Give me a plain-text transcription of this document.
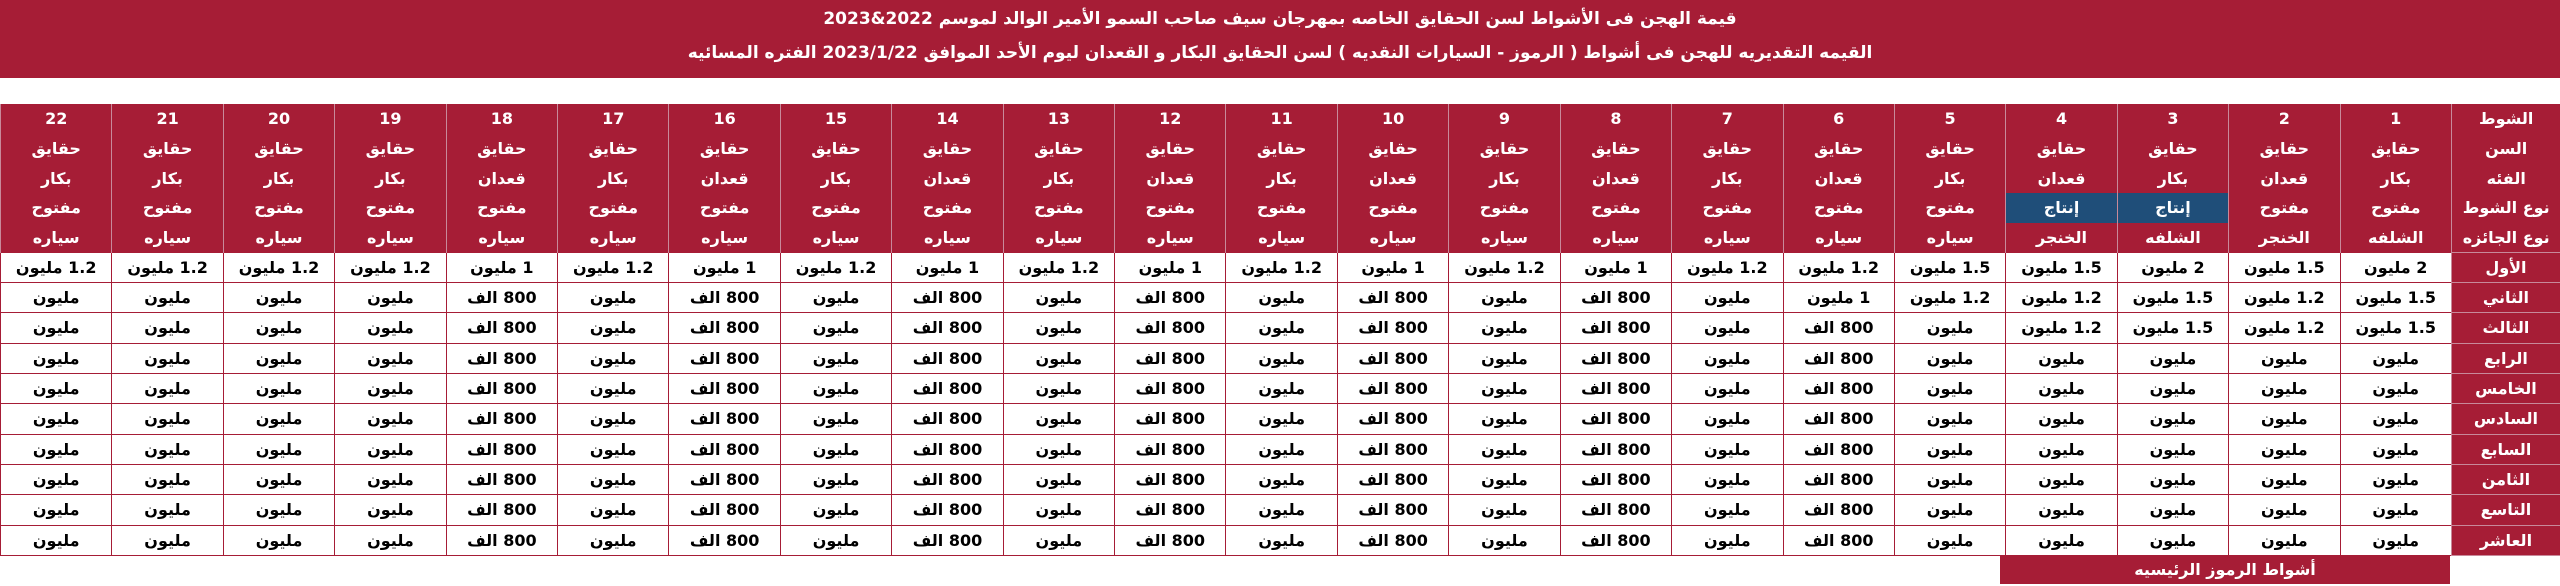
قيمة الهجن فى الأشواط لسن الحقايق الخاصه بمهرجان سيف صاحب السمو الأمير الوالد لموسم 2022&2023
القيمه التقديريه للهجن فى أشواط ( الرموز - السيارات النقديه ) لسن الحقايق البكار و القعدان ليوم الأحد الموافق 2023/1/22 الفتره المسائيه
الشوط	1	2	3	4	5	6	7	8	9	10	11	12	13	14	15	16	17	18	19	20	21	22
السن	حقايق	حقايق	حقايق	حقايق	حقايق	حقايق	حقايق	حقايق	حقايق	حقايق	حقايق	حقايق	حقايق	حقايق	حقايق	حقايق	حقايق	حقايق	حقايق	حقايق	حقايق	حقايق
الفئه	بكار	قعدان	بكار	قعدان	بكار	قعدان	بكار	قعدان	بكار	قعدان	بكار	قعدان	بكار	قعدان	بكار	قعدان	بكار	قعدان	بكار	بكار	بكار	بكار
نوع الشوط	مفتوح	مفتوح	إنتاج	إنتاج	مفتوح	مفتوح	مفتوح	مفتوح	مفتوح	مفتوح	مفتوح	مفتوح	مفتوح	مفتوح	مفتوح	مفتوح	مفتوح	مفتوح	مفتوح	مفتوح	مفتوح	مفتوح
نوع الجائزه	الشلفه	الخنجر	الشلفه	الخنجر	سياره	سياره	سياره	سياره	سياره	سياره	سياره	سياره	سياره	سياره	سياره	سياره	سياره	سياره	سياره	سياره	سياره	سياره
الأول	2 مليون	1.5 مليون	2 مليون	1.5 مليون	1.5 مليون	1.2 مليون	1.2 مليون	1 مليون	1.2 مليون	1 مليون	1.2 مليون	1 مليون	1.2 مليون	1 مليون	1.2 مليون	1 مليون	1.2 مليون	1 مليون	1.2 مليون	1.2 مليون	1.2 مليون	1.2 مليون
الثاني	1.5 مليون	1.2 مليون	1.5 مليون	1.2 مليون	1.2 مليون	1 مليون	مليون	800 الف	مليون	800 الف	مليون	800 الف	مليون	800 الف	مليون	800 الف	مليون	800 الف	مليون	مليون	مليون	مليون
الثالث	1.5 مليون	1.2 مليون	1.5 مليون	1.2 مليون	مليون	800 الف	مليون	800 الف	مليون	800 الف	مليون	800 الف	مليون	800 الف	مليون	800 الف	مليون	800 الف	مليون	مليون	مليون	مليون
الرابع	مليون	مليون	مليون	مليون	مليون	800 الف	مليون	800 الف	مليون	800 الف	مليون	800 الف	مليون	800 الف	مليون	800 الف	مليون	800 الف	مليون	مليون	مليون	مليون
الخامس	مليون	مليون	مليون	مليون	مليون	800 الف	مليون	800 الف	مليون	800 الف	مليون	800 الف	مليون	800 الف	مليون	800 الف	مليون	800 الف	مليون	مليون	مليون	مليون
السادس	مليون	مليون	مليون	مليون	مليون	800 الف	مليون	800 الف	مليون	800 الف	مليون	800 الف	مليون	800 الف	مليون	800 الف	مليون	800 الف	مليون	مليون	مليون	مليون
السابع	مليون	مليون	مليون	مليون	مليون	800 الف	مليون	800 الف	مليون	800 الف	مليون	800 الف	مليون	800 الف	مليون	800 الف	مليون	800 الف	مليون	مليون	مليون	مليون
الثامن	مليون	مليون	مليون	مليون	مليون	800 الف	مليون	800 الف	مليون	800 الف	مليون	800 الف	مليون	800 الف	مليون	800 الف	مليون	800 الف	مليون	مليون	مليون	مليون
التاسع	مليون	مليون	مليون	مليون	مليون	800 الف	مليون	800 الف	مليون	800 الف	مليون	800 الف	مليون	800 الف	مليون	800 الف	مليون	800 الف	مليون	مليون	مليون	مليون
العاشر	مليون	مليون	مليون	مليون	مليون	800 الف	مليون	800 الف	مليون	800 الف	مليون	800 الف	مليون	800 الف	مليون	800 الف	مليون	800 الف	مليون	مليون	مليون	مليون
أشواط الرموز الرئيسيه
